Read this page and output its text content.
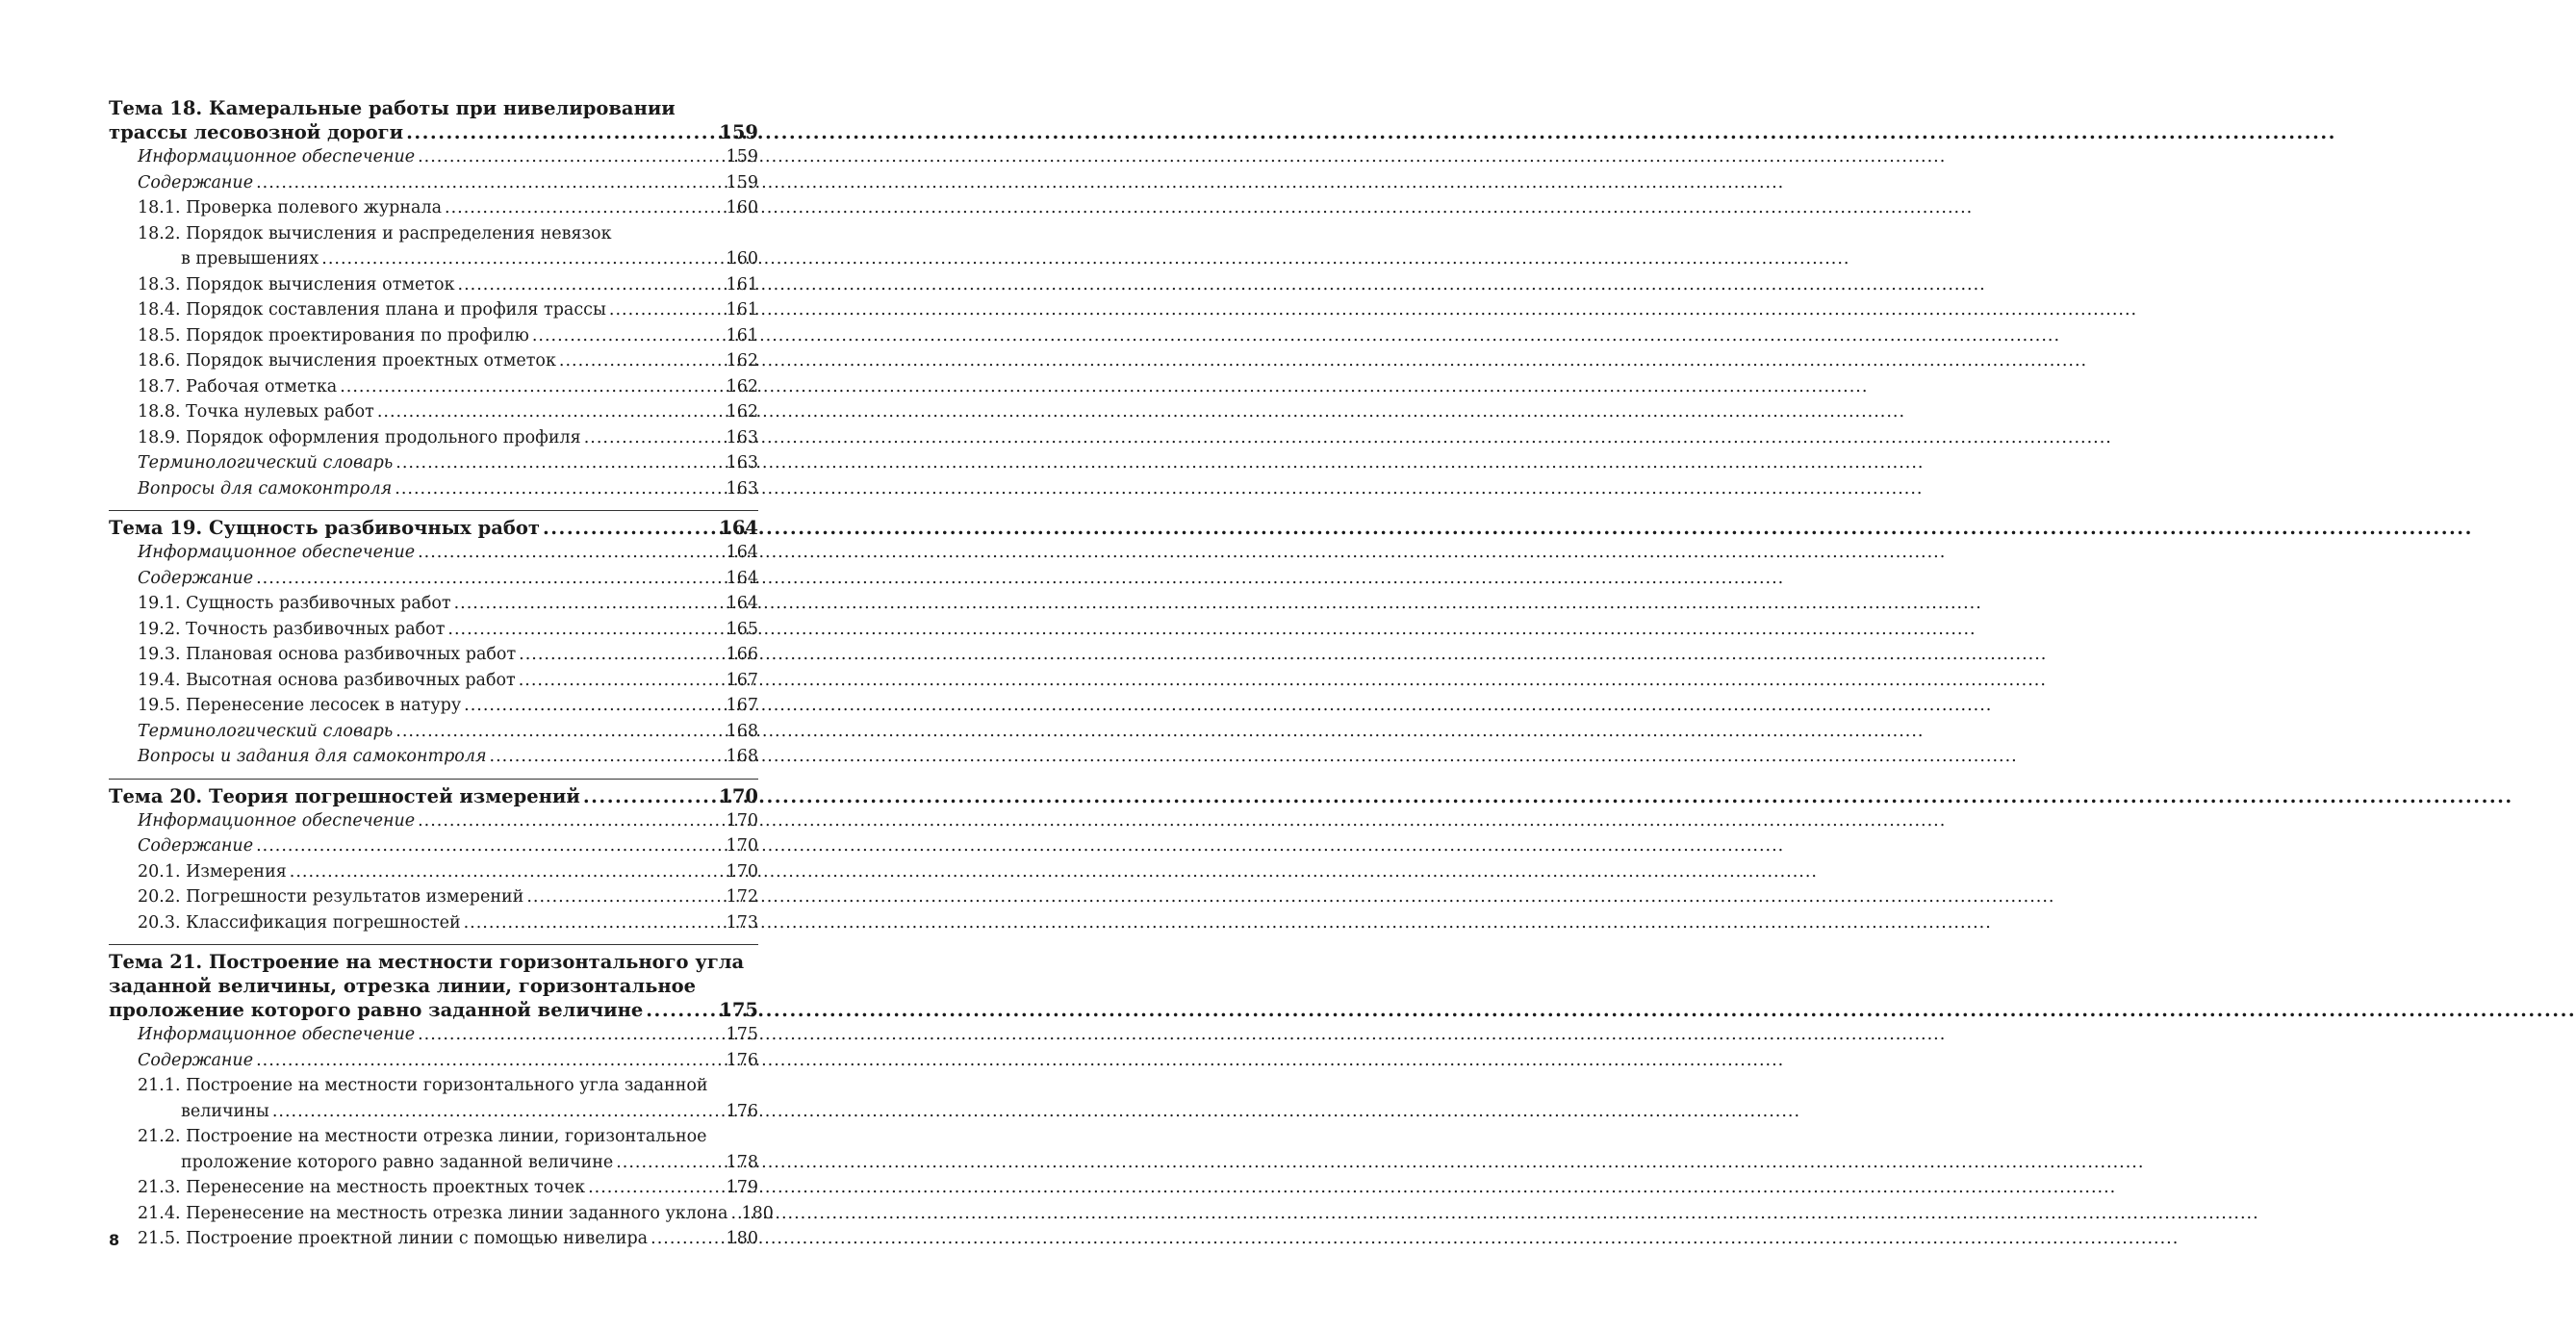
Тема 18. Камеральные работы при нивелировании
трассы лесовозной дороги .....	159
Информационное обеспечение .....	159
Содержание .....	159
18.1. Проверка полевого журнала .....	160
18.2. Порядок вычисления и распределения невязок
в превышениях .....	160
18.3. Порядок вычисления отметок .....	161
18.4. Порядок составления плана и профиля трассы .....	161
18.5. Порядок проектирования по профилю .....	161
18.6. Порядок вычисления проектных отметок .....	162
18.7. Рабочая отметка .....	162
18.8. Точка нулевых работ .....	162
18.9. Порядок оформления продольного профиля .....	163
Терминологический словарь .....	163
Вопросы для самоконтроля .....	163
Тема 19. Сущность разбивочных работ .....	164
Информационное обеспечение .....	164
Содержание .....	164
19.1. Сущность разбивочных работ .....	164
19.2. Точность разбивочных работ .....	165
19.3. Плановая основа разбивочных работ .....	166
19.4. Высотная основа разбивочных работ .....	167
19.5. Перенесение лесосек в натуру .....	167
Терминологический словарь .....	168
Вопросы и задания для самоконтроля .....	168
Тема 20. Теория погрешностей измерений .....	170
Информационное обеспечение .....	170
Содержание .....	170
20.1. Измерения .....	170
20.2. Погрешности результатов измерений .....	172
20.3. Классификация погрешностей .....	173
Тема 21. Построение на местности горизонтального угла
заданной величины, отрезка линии, горизонтальное
проложение которого равно заданной величине .....	175
Информационное обеспечение .....	175
Содержание .....	176
21.1. Построение на местности горизонтального угла заданной
величины .....	176
21.2. Построение на местности отрезка линии, горизонтальное
проложение которого равно заданной величине .....	178
21.3. Перенесение на местность проектных точек .....	179
21.4. Перенесение на местность отрезка линии заданного уклона ..... 180
21.5. Построение проектной линии с помощью нивелира .....	180
8
